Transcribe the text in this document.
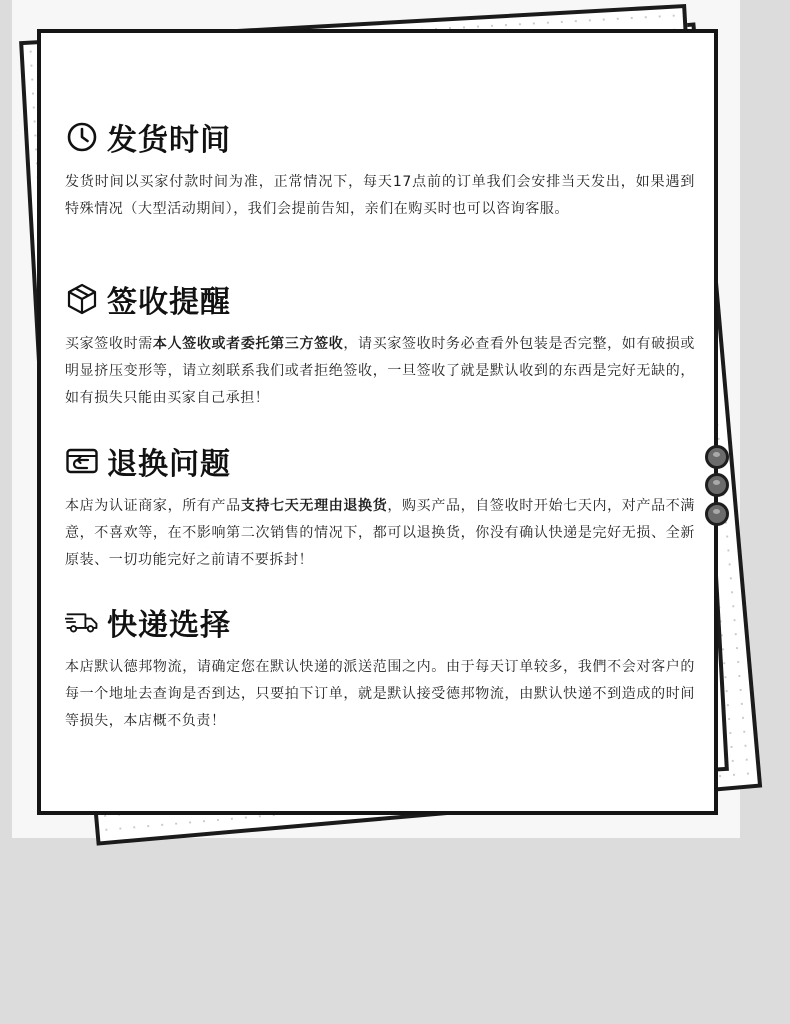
发货时间
发货时间以买家付款时间为准，正常情况下，每天17点前的订单我们会安排当天发出，如果遇到特殊情况（大型活动期间），我们会提前告知，亲们在购买时也可以咨询客服。
签收提醒
买家签收时需本人签收或者委托第三方签收，请买家签收时务必查看外包装是否完整，如有破损或明显挤压变形等，请立刻联系我们或者拒绝签收，一旦签收了就是默认收到的东西是完好无缺的，如有损失只能由买家自己承担！
退换问题
本店为认证商家，所有产品支持七天无理由退换货，购买产品，自签收时开始七天内，对产品不满意，不喜欢等，在不影响第二次销售的情况下，都可以退换货，你没有确认快递是完好无损、全新原装、一切功能完好之前请不要拆封！
快递选择
本店默认德邦物流，请确定您在默认快递的派送范围之内。由于每天订单较多，我們不会对客户的每一个地址去查询是否到达，只要拍下订单，就是默认接受德邦物流，由默认快递不到造成的时间等损失，本店概不负责！
